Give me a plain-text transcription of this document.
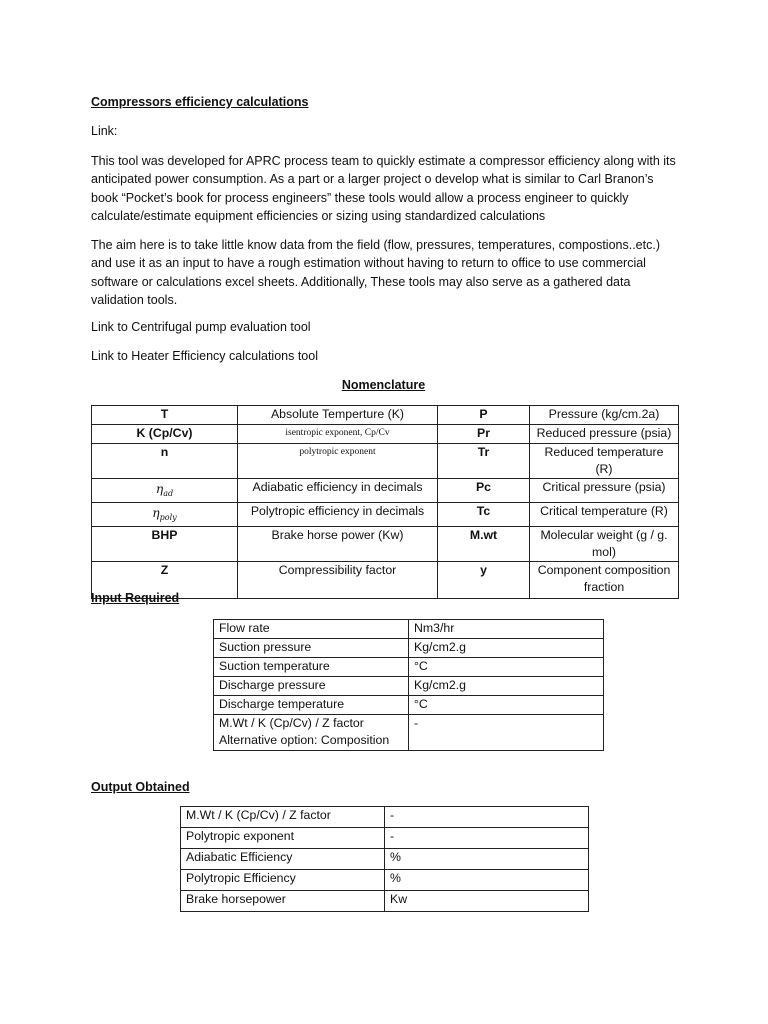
Compressors efficiency calculations
Link:
This tool was developed for APRC process team to quickly estimate a compressor efficiency along with its anticipated power consumption. As a part or a larger project o develop what is similar to Carl Branon’s book “Pocket’s book for process engineers” these tools would allow a process engineer to quickly calculate/estimate equipment efficiencies or sizing using standardized calculations
The aim here is to take little know data from the field (flow, pressures, temperatures, compostions..etc.) and use it as an input to have a rough estimation without having to return to office to use commercial software or calculations excel sheets. Additionally, These tools may also serve as a gathered data validation tools.
Link to Centrifugal pump evaluation tool
Link to Heater Efficiency calculations tool
Nomenclature
T	Absolute Temperture (K)	P	Pressure (kg/cm.2a)
K (Cp/Cv)	isentropic exponent, Cp/Cv	Pr	Reduced pressure (psia)
n	polytropic exponent	Tr	Reduced temperature (R)
$\eta_{ad}$	Adiabatic efficiency in decimals	Pc	Critical pressure (psia)
$\eta_{poly}$	Polytropic efficiency in decimals	Tc	Critical temperature (R)
BHP	Brake horse power (Kw)	M.wt	Molecular weight (g / g. mol)
Z	Compressibility factor	y	Component composition fraction
Input Required
Flow rate	Nm3/hr
Suction pressure	Kg/cm2.g
Suction temperature	°C
Discharge pressure	Kg/cm2.g
Discharge temperature	°C

M.Wt / K (Cp/Cv) / Z factor
Alternative option: Composition	-
Output Obtained
M.Wt / K (Cp/Cv) / Z factor	-
Polytropic exponent	-
Adiabatic Efficiency	%
Polytropic Efficiency	%
Brake horsepower	Kw
